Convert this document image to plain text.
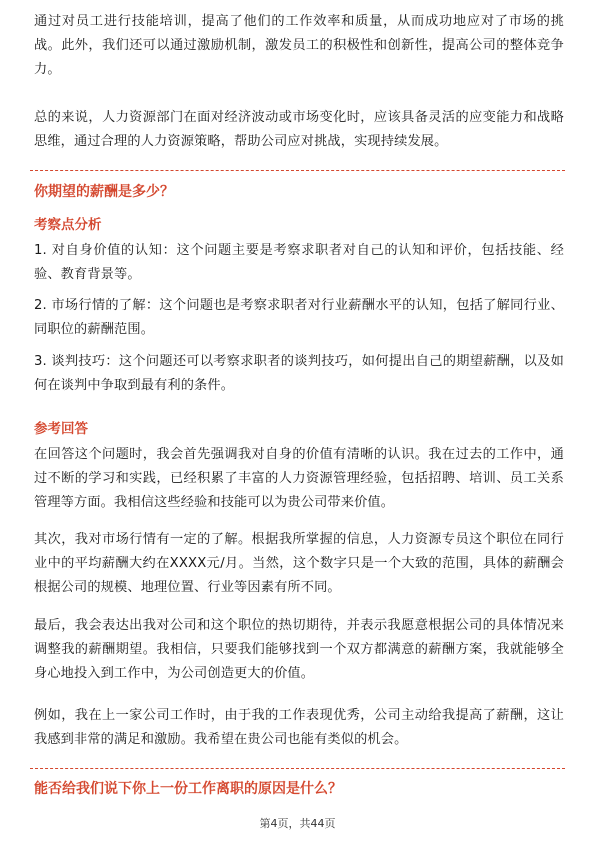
通过对员工进行技能培训，提高了他们的工作效率和质量，从而成功地应对了市场的挑战。此外，我们还可以通过激励机制，激发员工的积极性和创新性，提高公司的整体竞争力。

总的来说，人力资源部门在面对经济波动或市场变化时，应该具备灵活的应变能力和战略思维，通过合理的人力资源策略，帮助公司应对挑战，实现持续发展。

你期望的薪酬是多少？

考察点分析

1. 对自身价值的认知：这个问题主要是考察求职者对自己的认知和评价，包括技能、经验、教育背景等。

2. 市场行情的了解：这个问题也是考察求职者对行业薪酬水平的认知，包括了解同行业、同职位的薪酬范围。

3. 谈判技巧：这个问题还可以考察求职者的谈判技巧，如何提出自己的期望薪酬，以及如何在谈判中争取到最有利的条件。

参考回答

在回答这个问题时，我会首先强调我对自身的价值有清晰的认识。我在过去的工作中，通过不断的学习和实践，已经积累了丰富的人力资源管理经验，包括招聘、培训、员工关系管理等方面。我相信这些经验和技能可以为贵公司带来价值。

其次，我对市场行情有一定的了解。根据我所掌握的信息，人力资源专员这个职位在同行业中的平均薪酬大约在XXXX元/月。当然，这个数字只是一个大致的范围，具体的薪酬会根据公司的规模、地理位置、行业等因素有所不同。

最后，我会表达出我对公司和这个职位的热切期待，并表示我愿意根据公司的具体情况来调整我的薪酬期望。我相信，只要我们能够找到一个双方都满意的薪酬方案，我就能够全身心地投入到工作中，为公司创造更大的价值。

例如，我在上一家公司工作时，由于我的工作表现优秀，公司主动给我提高了薪酬，这让我感到非常的满足和激励。我希望在贵公司也能有类似的机会。

能否给我们说下你上一份工作离职的原因是什么？

第4页，共44页
